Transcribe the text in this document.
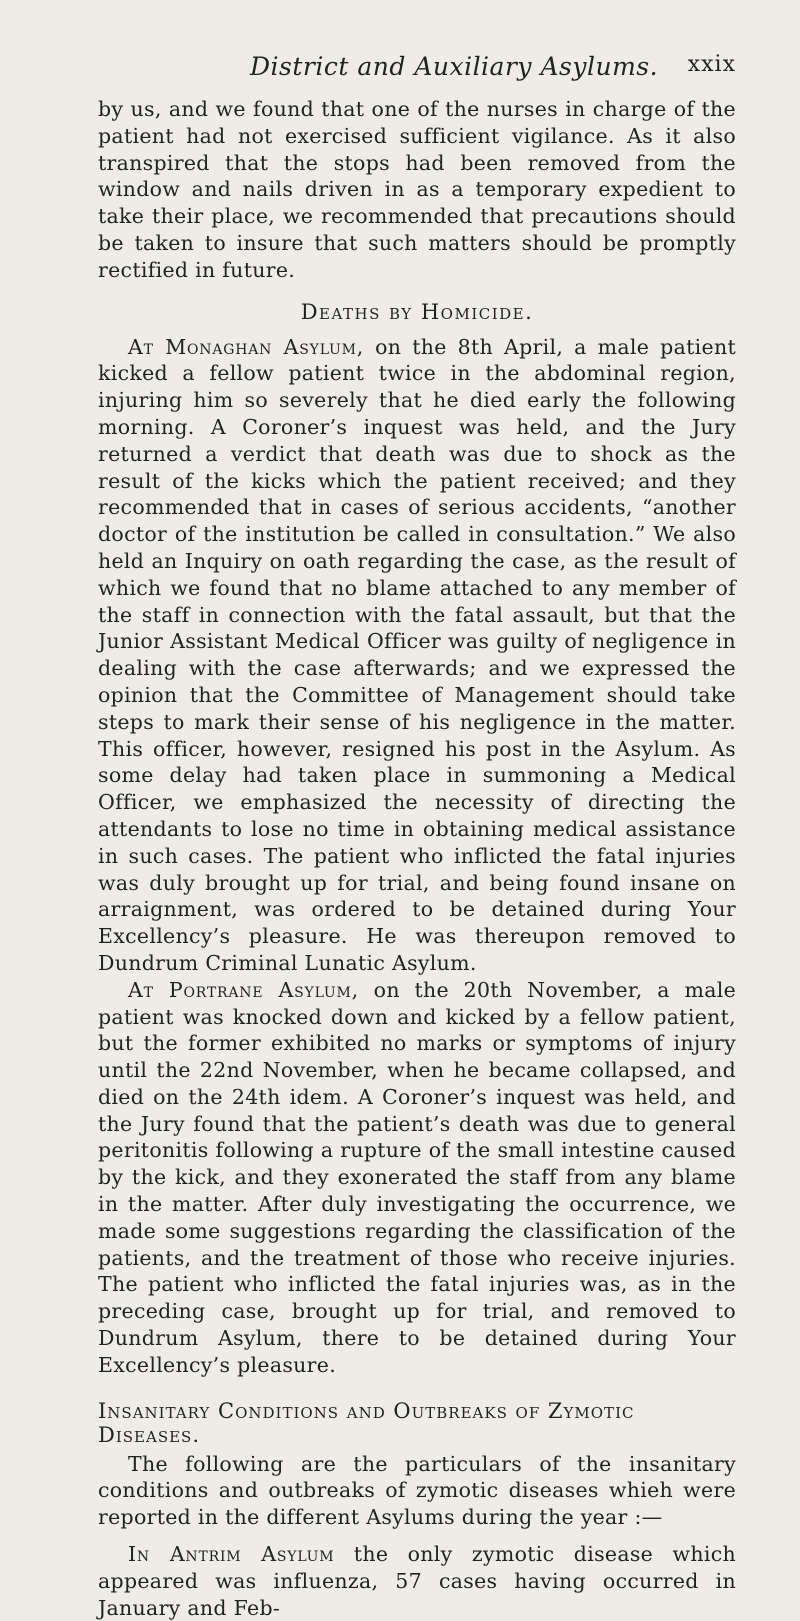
District and Auxiliary Asylums. xxix

by us, and we found that one of the nurses in charge of the patient had not exercised sufficient vigilance. As it also transpired that the stops had been removed from the window and nails driven in as a temporary expedient to take their place, we recommended that precautions should be taken to insure that such matters should be promptly rectified in future.

Deaths by Homicide.

At Monaghan Asylum, on the 8th April, a male patient kicked a fellow patient twice in the abdominal region, injuring him so severely that he died early the following morning. A Coroner’s inquest was held, and the Jury returned a verdict that death was due to shock as the result of the kicks which the patient received; and they recommended that in cases of serious accidents, “another doctor of the institution be called in consultation.” We also held an Inquiry on oath regarding the case, as the result of which we found that no blame attached to any member of the staff in connection with the fatal assault, but that the Junior Assistant Medical Officer was guilty of negligence in dealing with the case afterwards; and we expressed the opinion that the Committee of Management should take steps to mark their sense of his negligence in the matter. This officer, however, resigned his post in the Asylum. As some delay had taken place in summoning a Medical Officer, we emphasized the necessity of directing the attendants to lose no time in obtaining medical assistance in such cases. The patient who inflicted the fatal injuries was duly brought up for trial, and being found insane on arraignment, was ordered to be detained during Your Excellency’s pleasure. He was thereupon removed to Dundrum Criminal Lunatic Asylum.

At Portrane Asylum, on the 20th November, a male patient was knocked down and kicked by a fellow patient, but the former exhibited no marks or symptoms of injury until the 22nd November, when he became collapsed, and died on the 24th idem. A Coroner’s inquest was held, and the Jury found that the patient’s death was due to general peritonitis following a rupture of the small intestine caused by the kick, and they exonerated the staff from any blame in the matter. After duly investigating the occurrence, we made some suggestions regarding the classification of the patients, and the treatment of those who receive injuries. The patient who inflicted the fatal injuries was, as in the preceding case, brought up for trial, and removed to Dundrum Asylum, there to be detained during Your Excellency’s pleasure.

Insanitary Conditions and Outbreaks of Zymotic Diseases.

The following are the particulars of the insanitary conditions and outbreaks of zymotic diseases whieh were reported in the different Asylums during the year :—

In Antrim Asylum the only zymotic disease which appeared was influenza, 57 cases having occurred in January and Feb-
